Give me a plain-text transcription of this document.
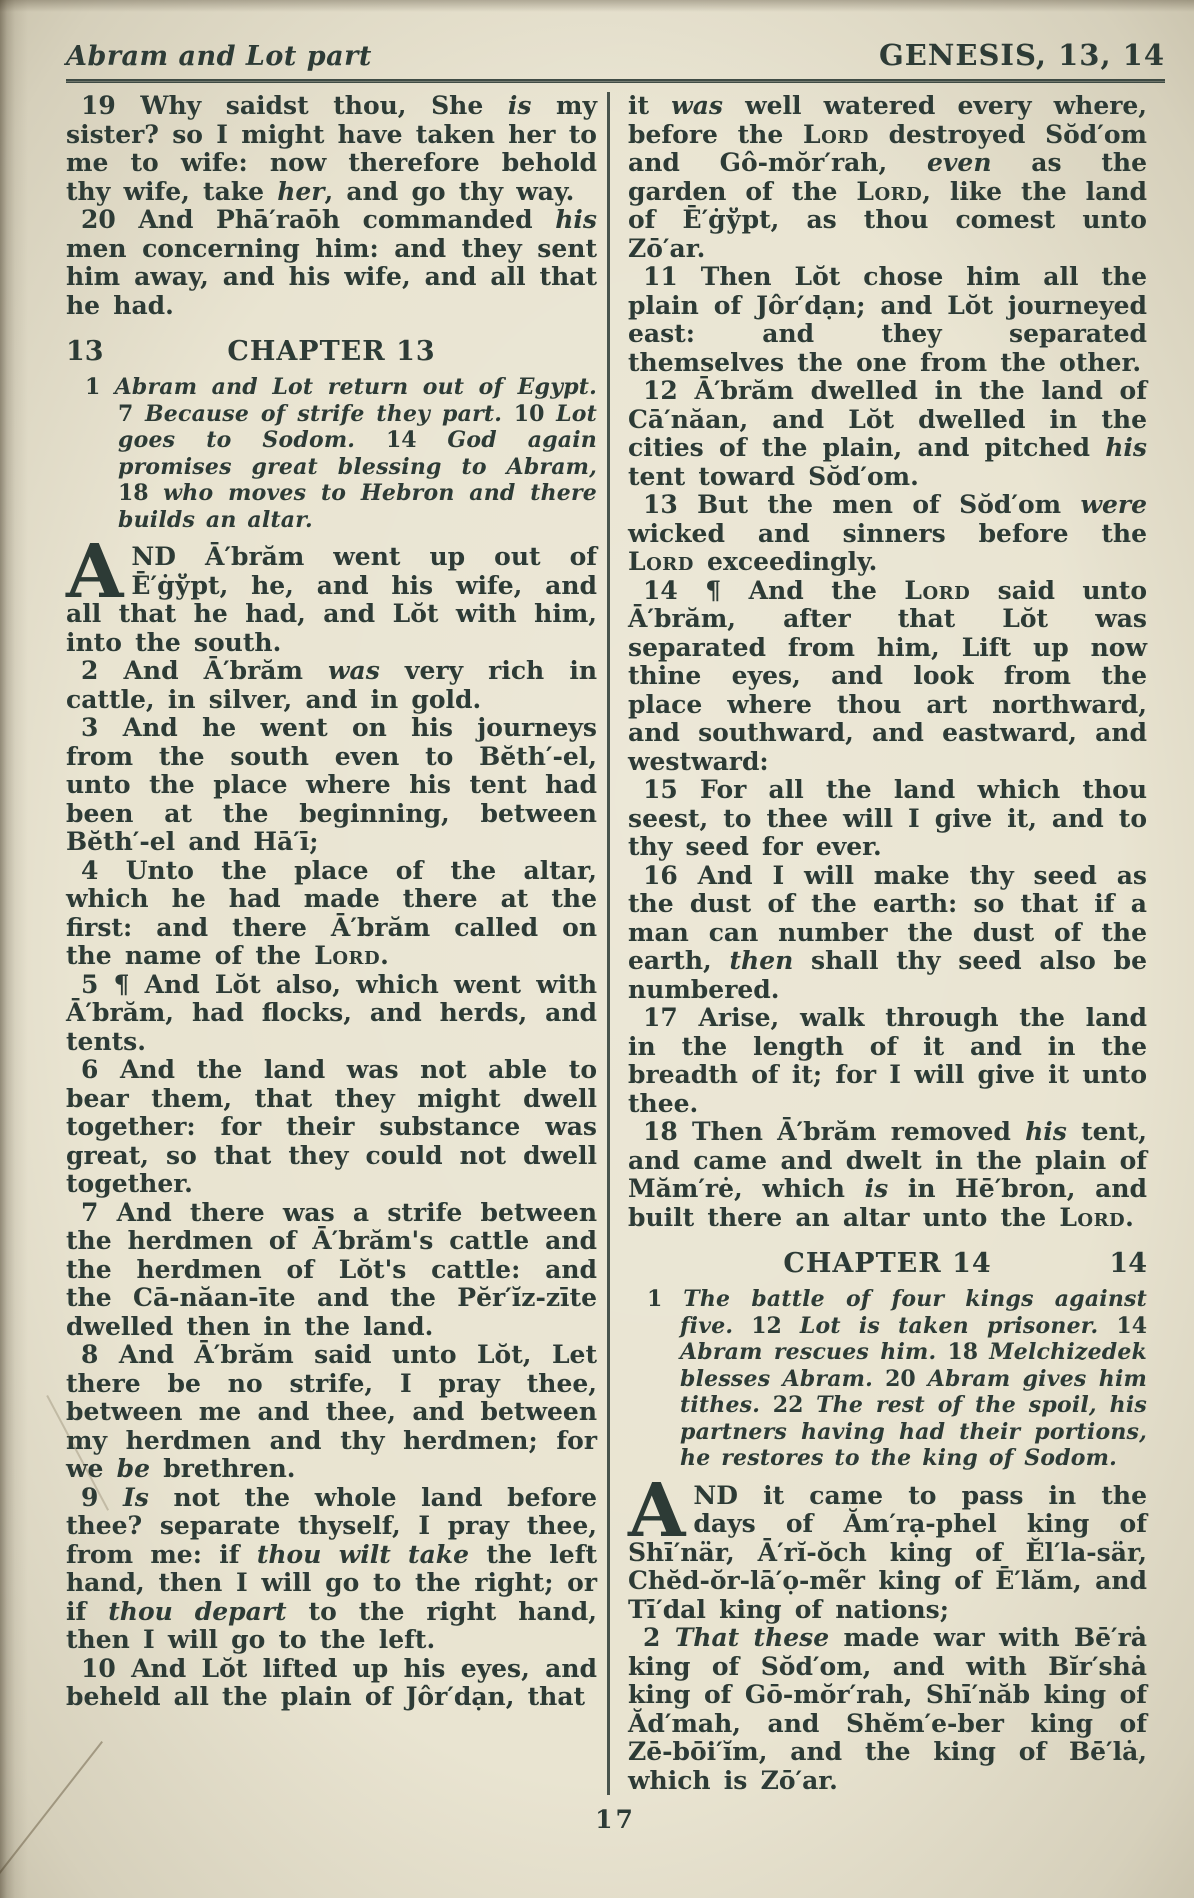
Abram and Lot part	GENESIS, 13, 14

19 Why saidst thou, She is my sister? so I might have taken her to me to wife: now therefore behold thy wife, take her, and go thy way.

20 And Phā′raōh commanded his men concerning him: and they sent him away, and his wife, and all that he had.

13	CHAPTER 13

1 Abram and Lot return out of Egypt. 7 Because of strife they part. 10 Lot goes to Sodom. 14 God again promises great blessing to Abram, 18 who moves to Hebron and there builds an altar.

AND Ā′brăm went up out of Ē′ġўpt, he, and his wife, and all that he had, and Lŏt with him, into the south.

2 And Ā′brăm was very rich in cattle, in silver, and in gold.

3 And he went on his journeys from the south even to Bĕth′-el, unto the place where his tent had been at the beginning, between Bĕth′-el and Hā′ī;

4 Unto the place of the altar, which he had made there at the first: and there Ā′brăm called on the name of the Lord.

5 ¶ And Lŏt also, which went with Ā′brăm, had flocks, and herds, and tents.

6 And the land was not able to bear them, that they might dwell together: for their substance was great, so that they could not dwell together.

7 And there was a strife between the herdmen of Ā′brăm's cattle and the herdmen of Lŏt's cattle: and the Cā-năan-īte and the Pĕr′ĭz-zīte dwelled then in the land.

8 And Ā′brăm said unto Lŏt, Let there be no strife, I pray thee, between me and thee, and between my herdmen and thy herdmen; for we be brethren.

9 Is not the whole land before thee? separate thyself, I pray thee, from me: if thou wilt take the left hand, then I will go to the right; or if thou depart to the right hand, then I will go to the left.

10 And Lŏt lifted up his eyes, and beheld all the plain of Jôr′dạn, that

it was well watered every where, before the Lord destroyed Sŏd′om and Gô-mŏr′rah, even as the garden of the Lord, like the land of Ē′ġўpt, as thou comest unto Zō′ar.

11 Then Lŏt chose him all the plain of Jôr′dạn; and Lŏt journeyed east: and they separated themselves the one from the other.

12 Ā′brăm dwelled in the land of Cā′năan, and Lŏt dwelled in the cities of the plain, and pitched his tent toward Sŏd′om.

13 But the men of Sŏd′om were wicked and sinners before the Lord exceedingly.

14 ¶ And the Lord said unto Ā′brăm, after that Lŏt was separated from him, Lift up now thine eyes, and look from the place where thou art northward, and southward, and eastward, and westward:

15 For all the land which thou seest, to thee will I give it, and to thy seed for ever.

16 And I will make thy seed as the dust of the earth: so that if a man can number the dust of the earth, then shall thy seed also be numbered.

17 Arise, walk through the land in the length of it and in the breadth of it; for I will give it unto thee.

18 Then Ā′brăm removed his tent, and came and dwelt in the plain of Măm′rė, which is in Hē′bron, and built there an altar unto the Lord.

CHAPTER 14	14

1 The battle of four kings against five. 12 Lot is taken prisoner. 14 Abram rescues him. 18 Melchizedek blesses Abram. 20 Abram gives him tithes. 22 The rest of the spoil, his partners having had their portions, he restores to the king of Sodom.

AND it came to pass in the days of Ăm′rạ-phel king of Shī′när, Ā′rĭ-ŏch king of Ĕl′la-sär, Chĕd-ŏr-lā′ọ-mẽr king of Ē′lăm, and Tī′dal king of nations;

2 That these made war with Bē′rȧ king of Sŏd′om, and with Bĭr′shȧ king of Gō-mŏr′rah, Shī′năb king of Ăd′mah, and Shĕm′e-ber king of Zē-bōi′ĭm, and the king of Bē′lȧ, which is Zō′ar.

17
